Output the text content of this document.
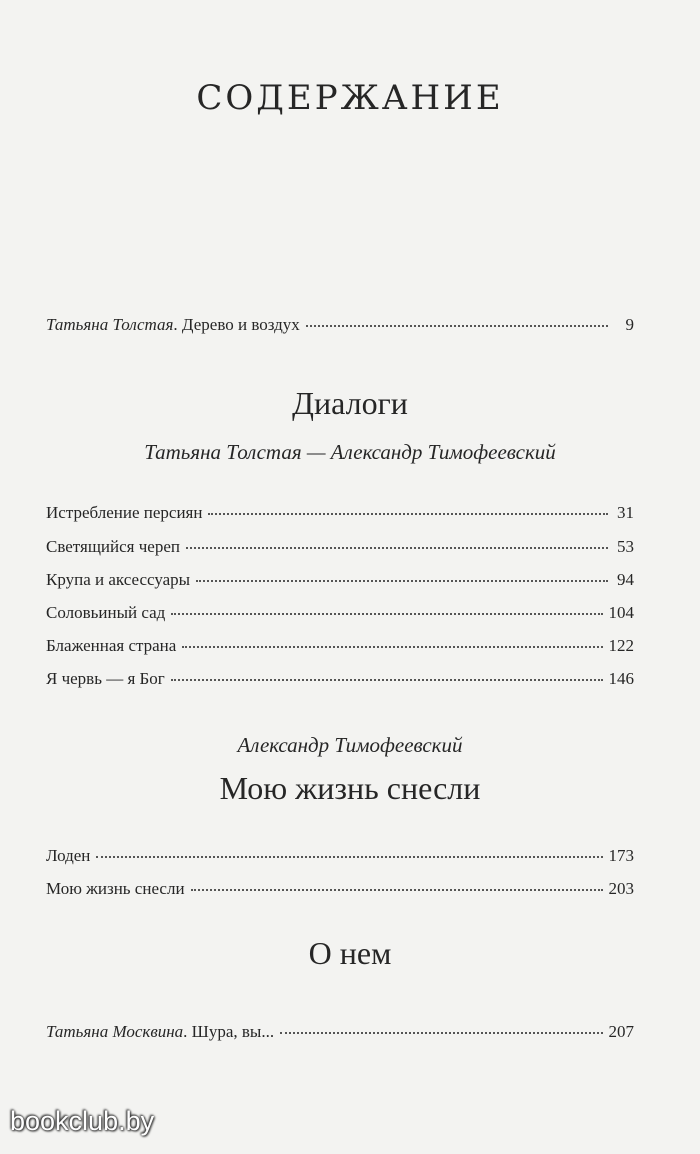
СОДЕРЖАНИЕ
Татьяна Толстая. Дерево и воздух	9
Диалоги

Татьяна Толстая — Александр Тимофеевский

Истребление персиян	31
Светящийся череп	53
Крупа и аксессуары	94
Соловьиный сад	104
Блаженная страна	122
Я червь — я Бог	146

Александр Тимофеевский

Мою жизнь снесли
Лоден	173
Мою жизнь снесли	203
О нем
Татьяна Москвина. Шура, вы...	207
bookclub.by
